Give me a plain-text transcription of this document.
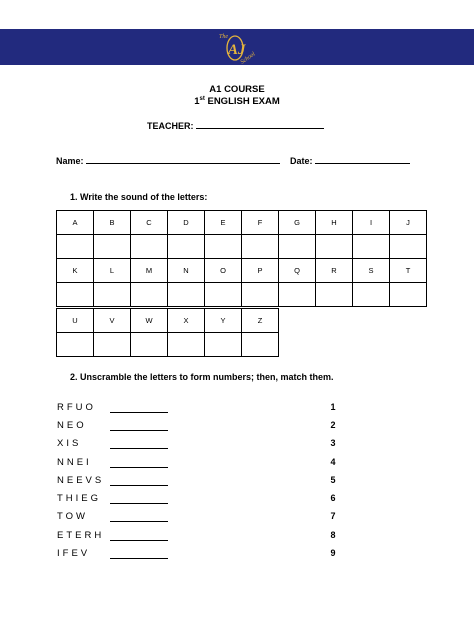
The
AJ
School
A1 COURSE
1st ENGLISH EXAM
TEACHER:
Name:	Date:
1. Write the sound of the letters:
A	B	C	D	E	F	G	H	I	J

K	L	M	N	O	P	Q	R	S	T

U	V	W	X	Y	Z

2. Unscramble the letters to form numbers; then, match them.
RFUO	1
NEO	2
XIS	3
NNEI	4
NEEVS	5
THIEG	6
TOW	7
ETERH	8
IFEV	9
